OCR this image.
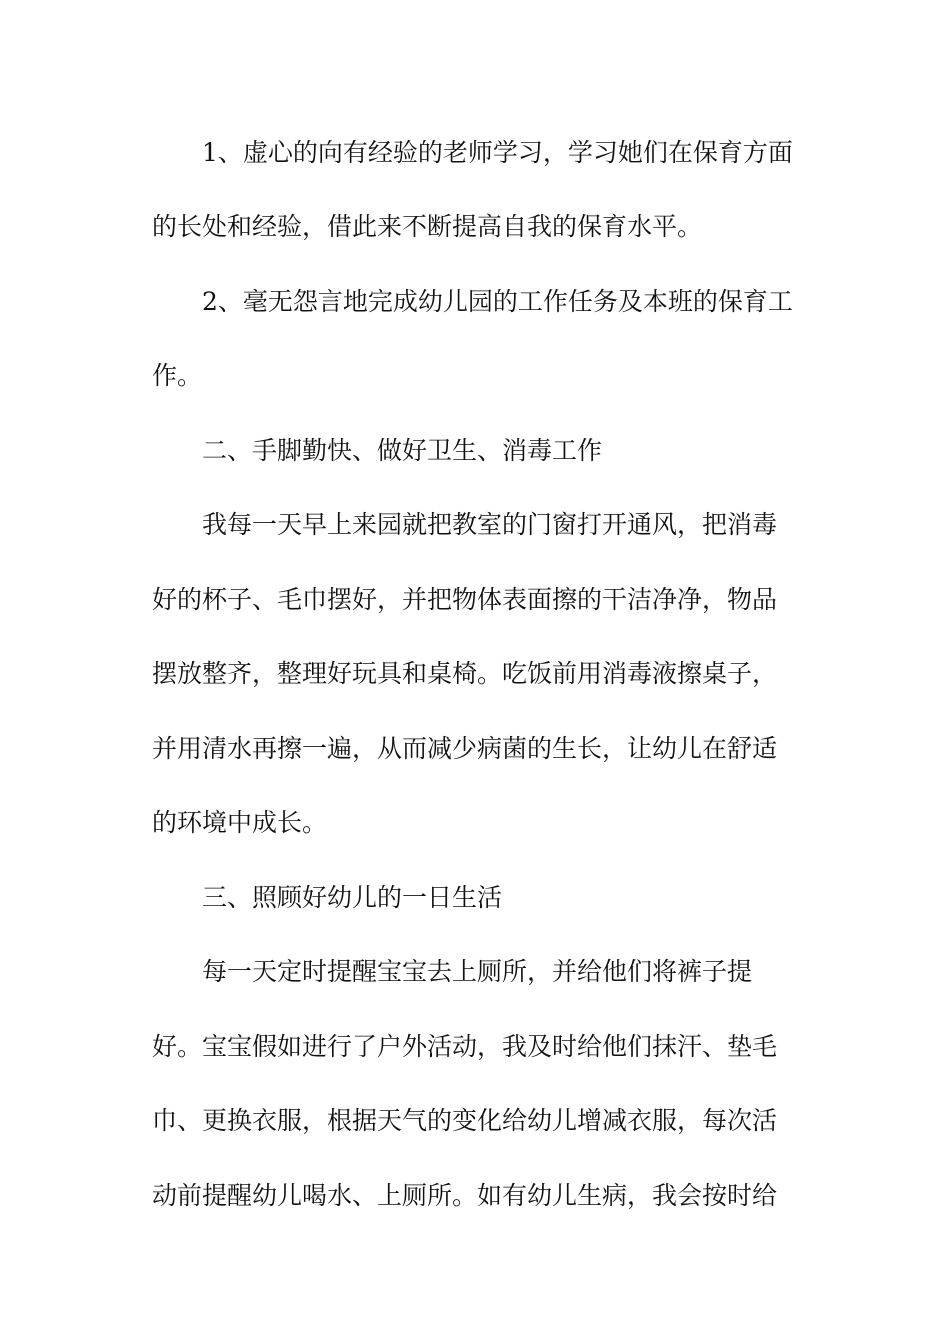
1、虚心的向有经验的老师学习，学习她们在保育方面
的长处和经验，借此来不断提高自我的保育水平。
2、毫无怨言地完成幼儿园的工作任务及本班的保育工
作。
二、手脚勤快、做好卫生、消毒工作
我每一天早上来园就把教室的门窗打开通风，把消毒
好的杯子、毛巾摆好，并把物体表面擦的干洁净净，物品
摆放整齐，整理好玩具和桌椅。吃饭前用消毒液擦桌子，
并用清水再擦一遍，从而减少病菌的生长，让幼儿在舒适
的环境中成长。
三、照顾好幼儿的一日生活
每一天定时提醒宝宝去上厕所，并给他们将裤子提
好。宝宝假如进行了户外活动，我及时给他们抹汗、垫毛
巾、更换衣服，根据天气的变化给幼儿增减衣服，每次活
动前提醒幼儿喝水、上厕所。如有幼儿生病，我会按时给
